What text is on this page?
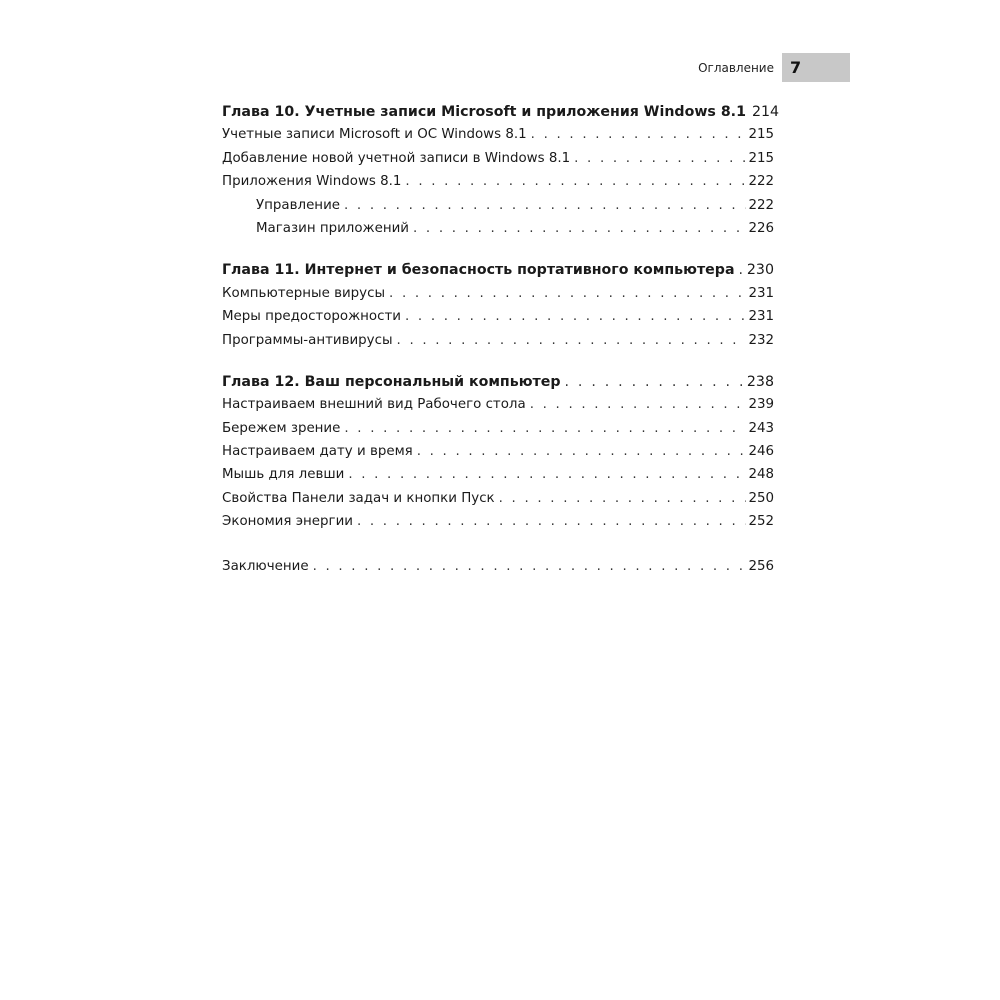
Оглавление 7
Глава 10. Учетные записи Microsoft и приложения Windows 8.1 214
Учетные записи Microsoft и ОС Windows 8.1 . . .	215
Добавление новой учетной записи в Windows 8.1 . . .	215
Приложения Windows 8.1 . . .	222
Управление . . .	222
Магазин приложений . . .	226
Глава 11. Интернет и безопасность портативного компьютера . . . 230
Компьютерные вирусы . . .	231
Меры предосторожности . . .	231
Программы-антивирусы . . .	232
Глава 12. Ваш персональный компьютер . . .	238
Настраиваем внешний вид Рабочего стола . . .	239
Бережем зрение . . .	243
Настраиваем дату и время . . .	246
Мышь для левши . . .	248
Свойства Панели задач и кнопки Пуск . . .	250
Экономия энергии . . .	252
Заключение . . .	256
